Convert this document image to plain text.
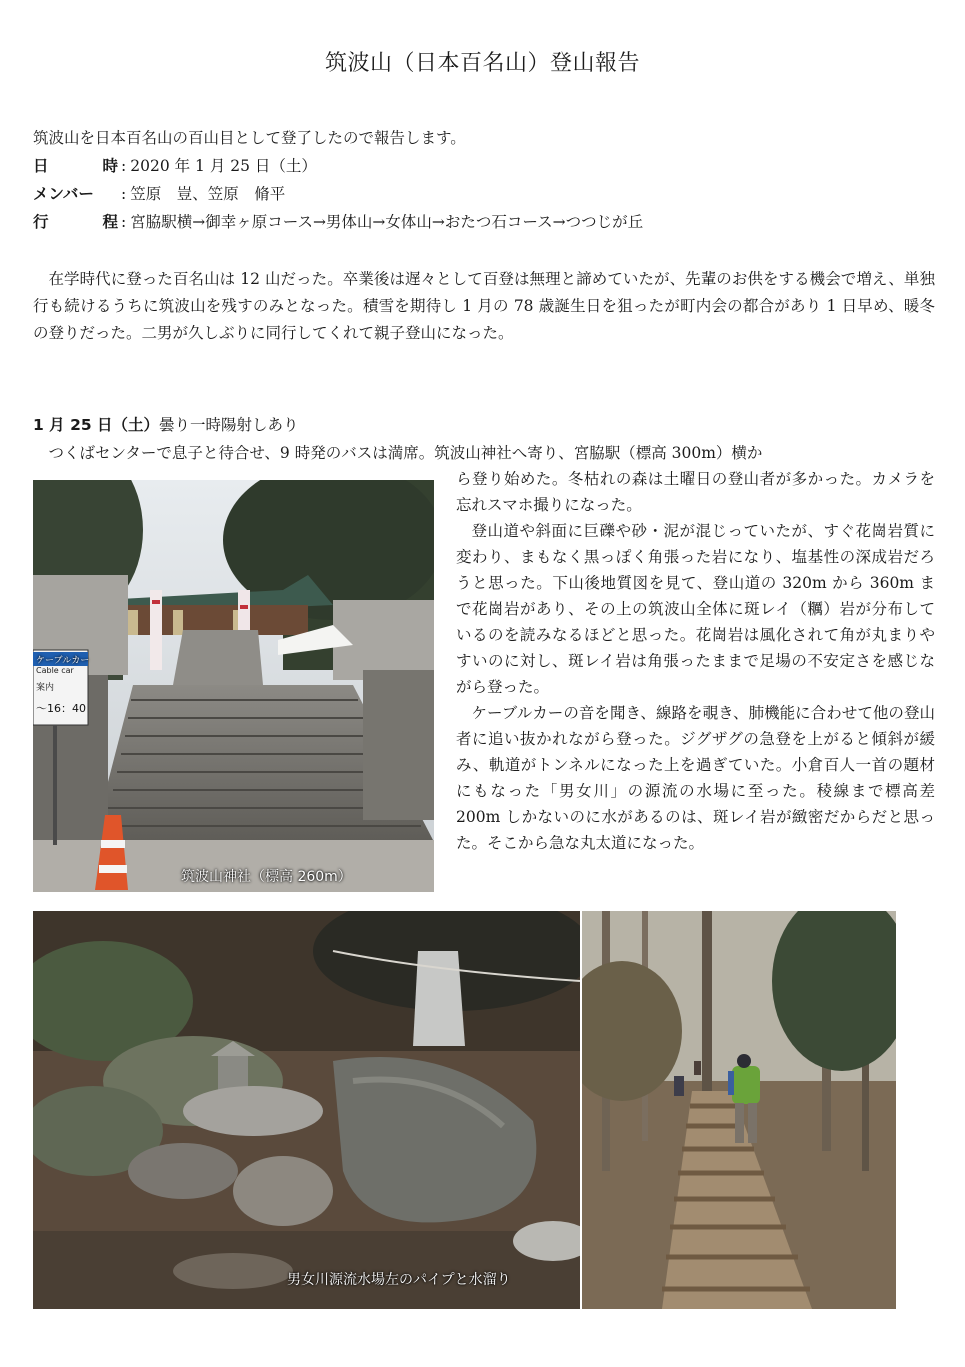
筑波山（日本百名山）登山報告
筑波山を日本百名山の百山目として登了したので報告します。
日	時 : 2020 年 1 月 25 日（土）
メンバー : 笠原　豈、笠原　脩平
行	程 : 宮脇駅横→御幸ヶ原コース→男体山→女体山→おたつ石コース→つつじが丘
在学時代に登った百名山は 12 山だった。卒業後は遅々として百登は無理と諦めていたが、先輩のお供をする機会で増え、単独行も続けるうちに筑波山を残すのみとなった。積雪を期待し 1 月の 78 歳誕生日を狙ったが町内会の都合があり 1 日早め、暖冬の登りだった。二男が久しぶりに同行してくれて親子登山になった。
1 月 25 日（土）曇り一時陽射しあり
つくばセンターで息子と待合せ、9 時発のバスは満席。筑波山神社へ寄り、宮脇駅（標高 300m）横か

ら登り始めた。冬枯れの森は土曜日の登山者が多かった。カメラを忘れスマホ撮りになった。

登山道や斜面に巨礫や砂・泥が混じっていたが、すぐ花崗岩質に変わり、まもなく黒っぽく角張った岩になり、塩基性の深成岩だろうと思った。下山後地質図を見て、登山道の 320m から 360m まで花崗岩があり、その上の筑波山全体に斑レイ（糲）岩が分布しているのを読みなるほどと思った。花崗岩は風化されて角が丸まりやすいのに対し、斑レイ岩は角張ったままで足場の不安定さを感じながら登った。

ケーブルカーの音を聞き、線路を覗き、肺機能に合わせて他の登山者に追い抜かれながら登った。ジグザグの急登を上がると傾斜が緩み、軌道がトンネルになった上を過ぎていた。小倉百人一首の題材にもなった「男女川」の源流の水場に至った。稜線まで標高差 200m しかないのに水があるのは、斑レイ岩が緻密だからだと思った。そこから急な丸太道になった。

ケーブルカー
Cable car
案内
～16：40
筑波山神社（標高 260m）
男女川源流水場左のパイプと水溜り
